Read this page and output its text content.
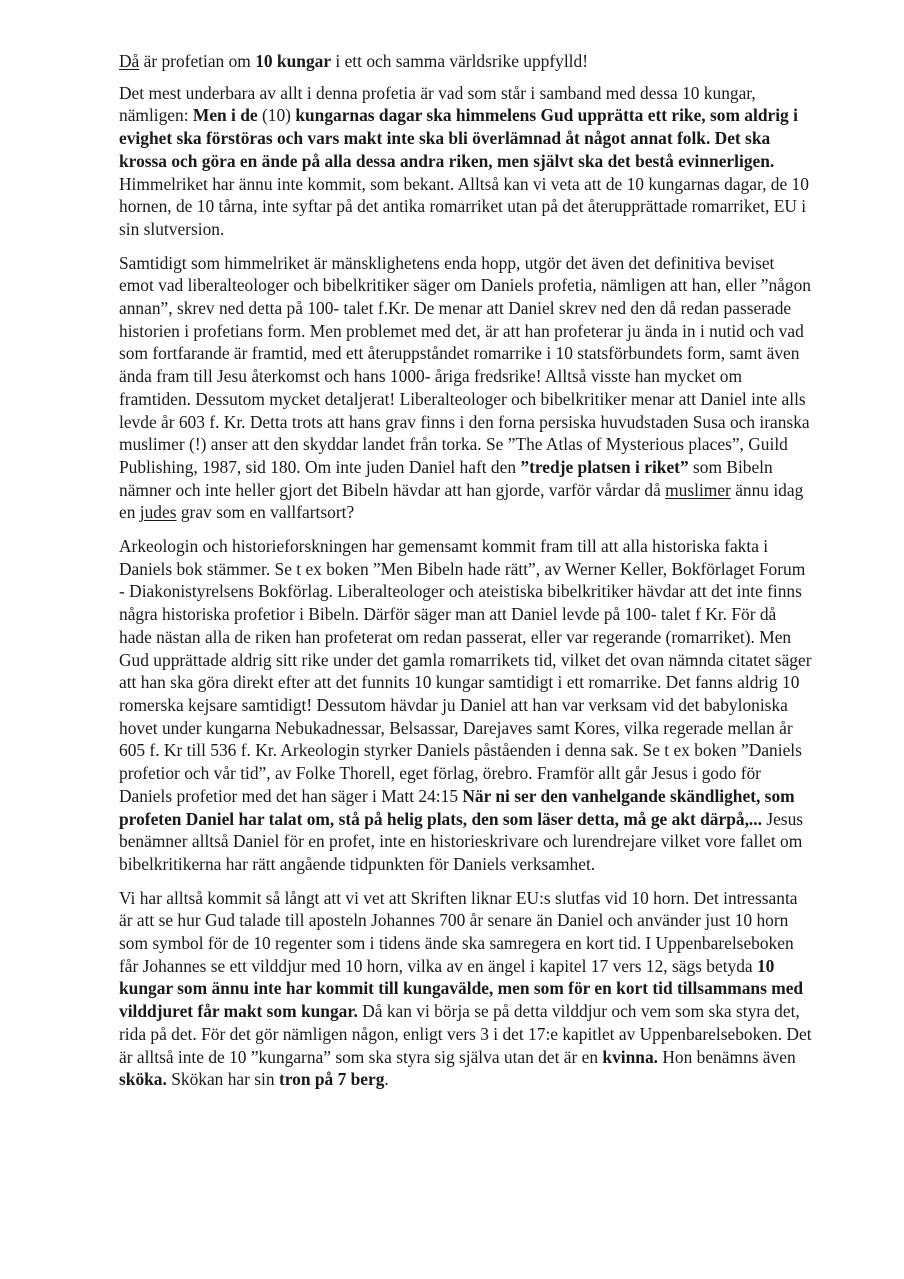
Då är profetian om 10 kungar i ett och samma världsrike uppfylld!

Det mest underbara av allt i denna profetia är vad som står i samband med dessa 10 kungar, nämligen: Men i de (10) kungarnas dagar ska himmelens Gud upprätta ett rike, som aldrig i evighet ska förstöras och vars makt inte ska bli överlämnad åt något annat folk. Det ska krossa och göra en ände på alla dessa andra riken, men självt ska det bestå evinnerligen. Himmelriket har ännu inte kommit, som bekant. Alltså kan vi veta att de 10 kungarnas dagar, de 10 hornen, de 10 tårna, inte syftar på det antika romarriket utan på det återupprättade romarriket, EU i sin slutversion.

Samtidigt som himmelriket är mänsklighetens enda hopp, utgör det även det definitiva beviset emot vad liberalteologer och bibelkritiker säger om Daniels profetia, nämligen att han, eller ”någon annan”, skrev ned detta på 100- talet f.Kr. De menar att Daniel skrev ned den då redan passerade historien i profetians form. Men problemet med det, är att han profeterar ju ända in i nutid och vad som fortfarande är framtid, med ett återuppståndet romarrike i 10 statsförbundets form, samt även ända fram till Jesu återkomst och hans 1000- åriga fredsrike! Alltså visste han mycket om framtiden. Dessutom mycket detaljerat! Liberalteologer och bibelkritiker menar att Daniel inte alls levde år 603 f. Kr. Detta trots att hans grav finns i den forna persiska huvudstaden Susa och iranska muslimer (!) anser att den skyddar landet från torka. Se ”The Atlas of Mysterious places”, Guild Publishing, 1987, sid 180. Om inte juden Daniel haft den ”tredje platsen i riket” som Bibeln nämner och inte heller gjort det Bibeln hävdar att han gjorde, varför vårdar då muslimer ännu idag en judes grav som en vallfartsort?

Arkeologin och historieforskningen har gemensamt kommit fram till att alla historiska fakta i Daniels bok stämmer. Se t ex boken ”Men Bibeln hade rätt”, av Werner Keller, Bokförlaget Forum - Diakonistyrelsens Bokförlag. Liberalteologer och ateistiska bibelkritiker hävdar att det inte finns några historiska profetior i Bibeln. Därför säger man att Daniel levde på 100- talet f Kr. För då hade nästan alla de riken han profeterat om redan passerat, eller var regerande (romarriket). Men Gud upprättade aldrig sitt rike under det gamla romarrikets tid, vilket det ovan nämnda citatet säger att han ska göra direkt efter att det funnits 10 kungar samtidigt i ett romarrike. Det fanns aldrig 10 romerska kejsare samtidigt! Dessutom hävdar ju Daniel att han var verksam vid det babyloniska hovet under kungarna Nebukadnessar, Belsassar, Darejaves samt Kores, vilka regerade mellan år 605 f. Kr till 536 f. Kr. Arkeologin styrker Daniels påståenden i denna sak. Se t ex boken ”Daniels profetior och vår tid”, av Folke Thorell, eget förlag, örebro. Framför allt går Jesus i godo för Daniels profetior med det han säger i Matt 24:15 När ni ser den vanhelgande skändlighet, som profeten Daniel har talat om, stå på helig plats, den som läser detta, må ge akt därpå,... Jesus benämner alltså Daniel för en profet, inte en historieskrivare och lurendrejare vilket vore fallet om bibelkritikerna har rätt angående tidpunkten för Daniels verksamhet.

Vi har alltså kommit så långt att vi vet att Skriften liknar EU:s slutfas vid 10 horn. Det intressanta är att se hur Gud talade till aposteln Johannes 700 år senare än Daniel och använder just 10 horn som symbol för de 10 regenter som i tidens ände ska samregera en kort tid. I Uppenbarelseboken får Johannes se ett vilddjur med 10 horn, vilka av en ängel i kapitel 17 vers 12, sägs betyda 10 kungar som ännu inte har kommit till kungavälde, men som för en kort tid tillsammans med vilddjuret får makt som kungar. Då kan vi börja se på detta vilddjur och vem som ska styra det, rida på det. För det gör nämligen någon, enligt vers 3 i det 17:e kapitlet av Uppenbarelseboken. Det är alltså inte de 10 ”kungarna” som ska styra sig själva utan det är en kvinna. Hon benämns även sköka. Skökan har sin tron på 7 berg.
